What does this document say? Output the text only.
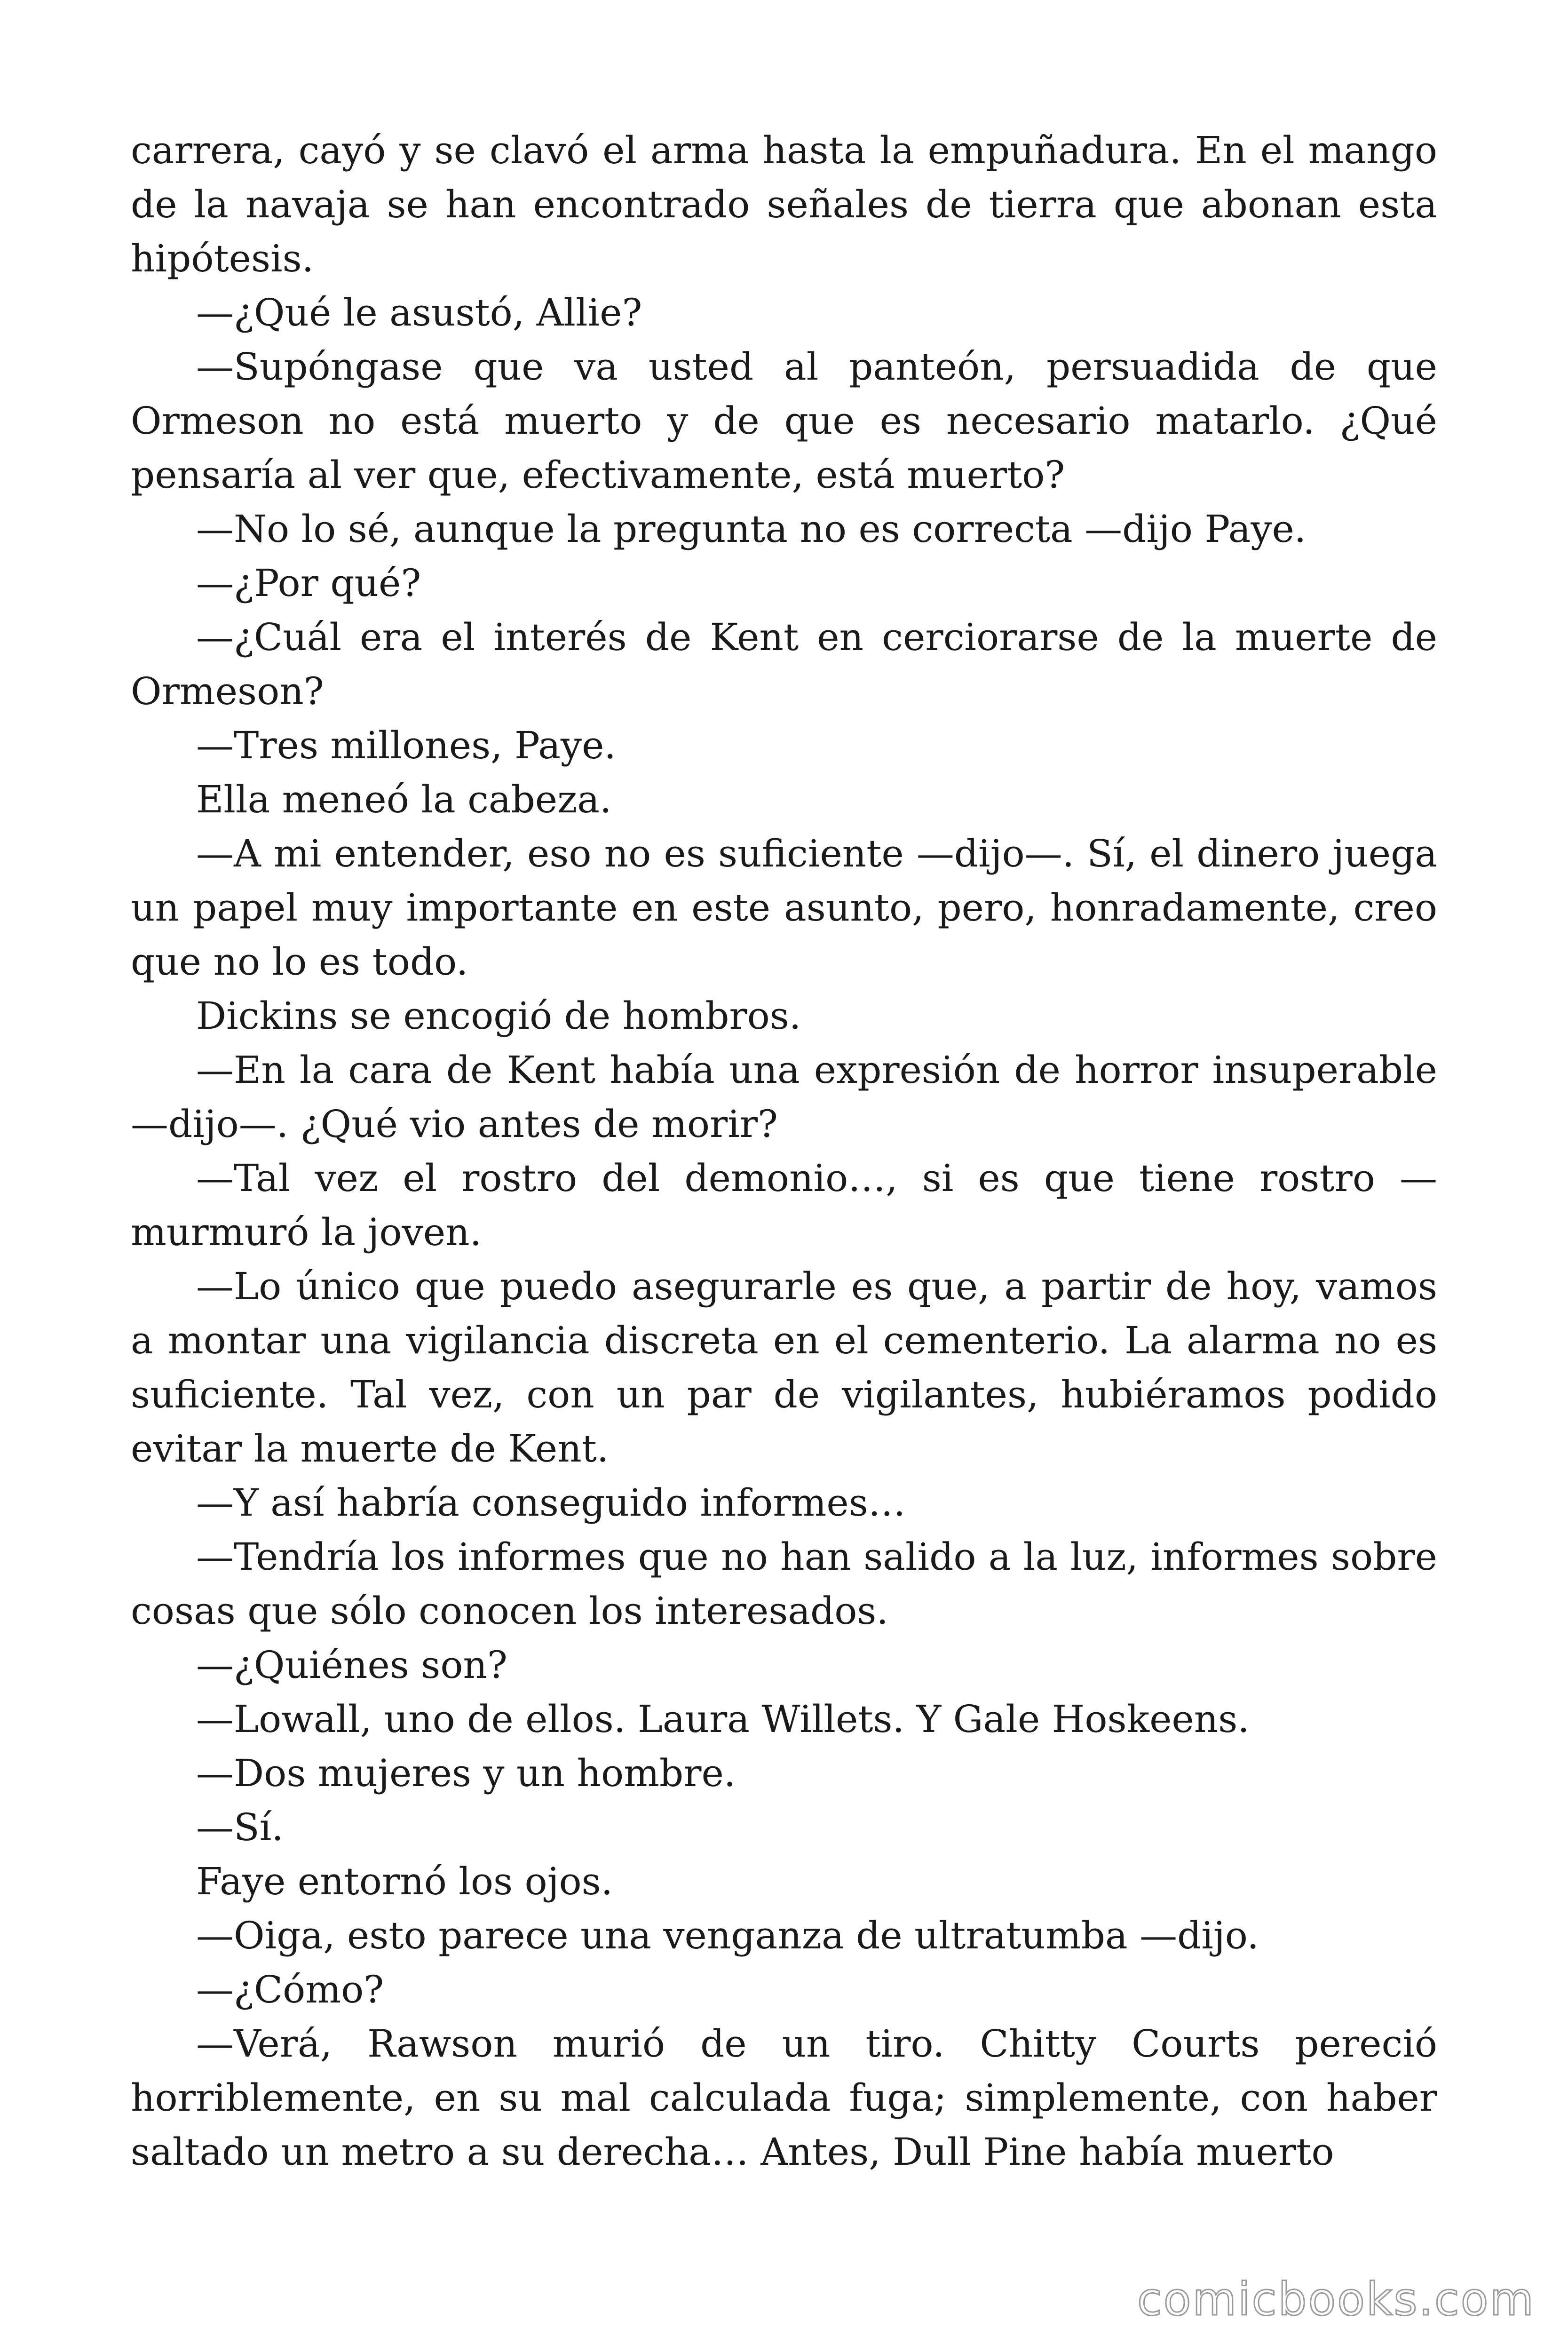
carrera, cayó y se clavó el arma hasta la empuñadura. En el mango de la navaja se han encontrado señales de tierra que abonan esta hipótesis.

—¿Qué le asustó, Allie?

—Supóngase que va usted al panteón, persuadida de que Ormeson no está muerto y de que es necesario matarlo. ¿Qué pensaría al ver que, efectivamente, está muerto?

—No lo sé, aunque la pregunta no es correcta —dijo Paye.

—¿Por qué?

—¿Cuál era el interés de Kent en cerciorarse de la muerte de Ormeson?

—Tres millones, Paye.

Ella meneó la cabeza.

—A mi entender, eso no es suficiente —dijo—. Sí, el dinero juega un papel muy importante en este asunto, pero, honradamente, creo que no lo es todo.

Dickins se encogió de hombros.

—En la cara de Kent había una expresión de horror insuperable —dijo—. ¿Qué vio antes de morir?

—Tal vez el rostro del demonio…, si es que tiene rostro —murmuró la joven.

—Lo único que puedo asegurarle es que, a partir de hoy, vamos a montar una vigilancia discreta en el cementerio. La alarma no es suficiente. Tal vez, con un par de vigilantes, hubiéramos podido evitar la muerte de Kent.

—Y así habría conseguido informes…

—Tendría los informes que no han salido a la luz, informes sobre cosas que sólo conocen los interesados.

—¿Quiénes son?

—Lowall, uno de ellos. Laura Willets. Y Gale Hoskeens.

—Dos mujeres y un hombre.

—Sí.

Faye entornó los ojos.

—Oiga, esto parece una venganza de ultratumba —dijo.

—¿Cómo?

—Verá, Rawson murió de un tiro. Chitty Courts pereció horriblemente, en su mal calculada fuga; simplemente, con haber saltado un metro a su derecha… Antes, Dull Pine había muerto

comicbooks.com
